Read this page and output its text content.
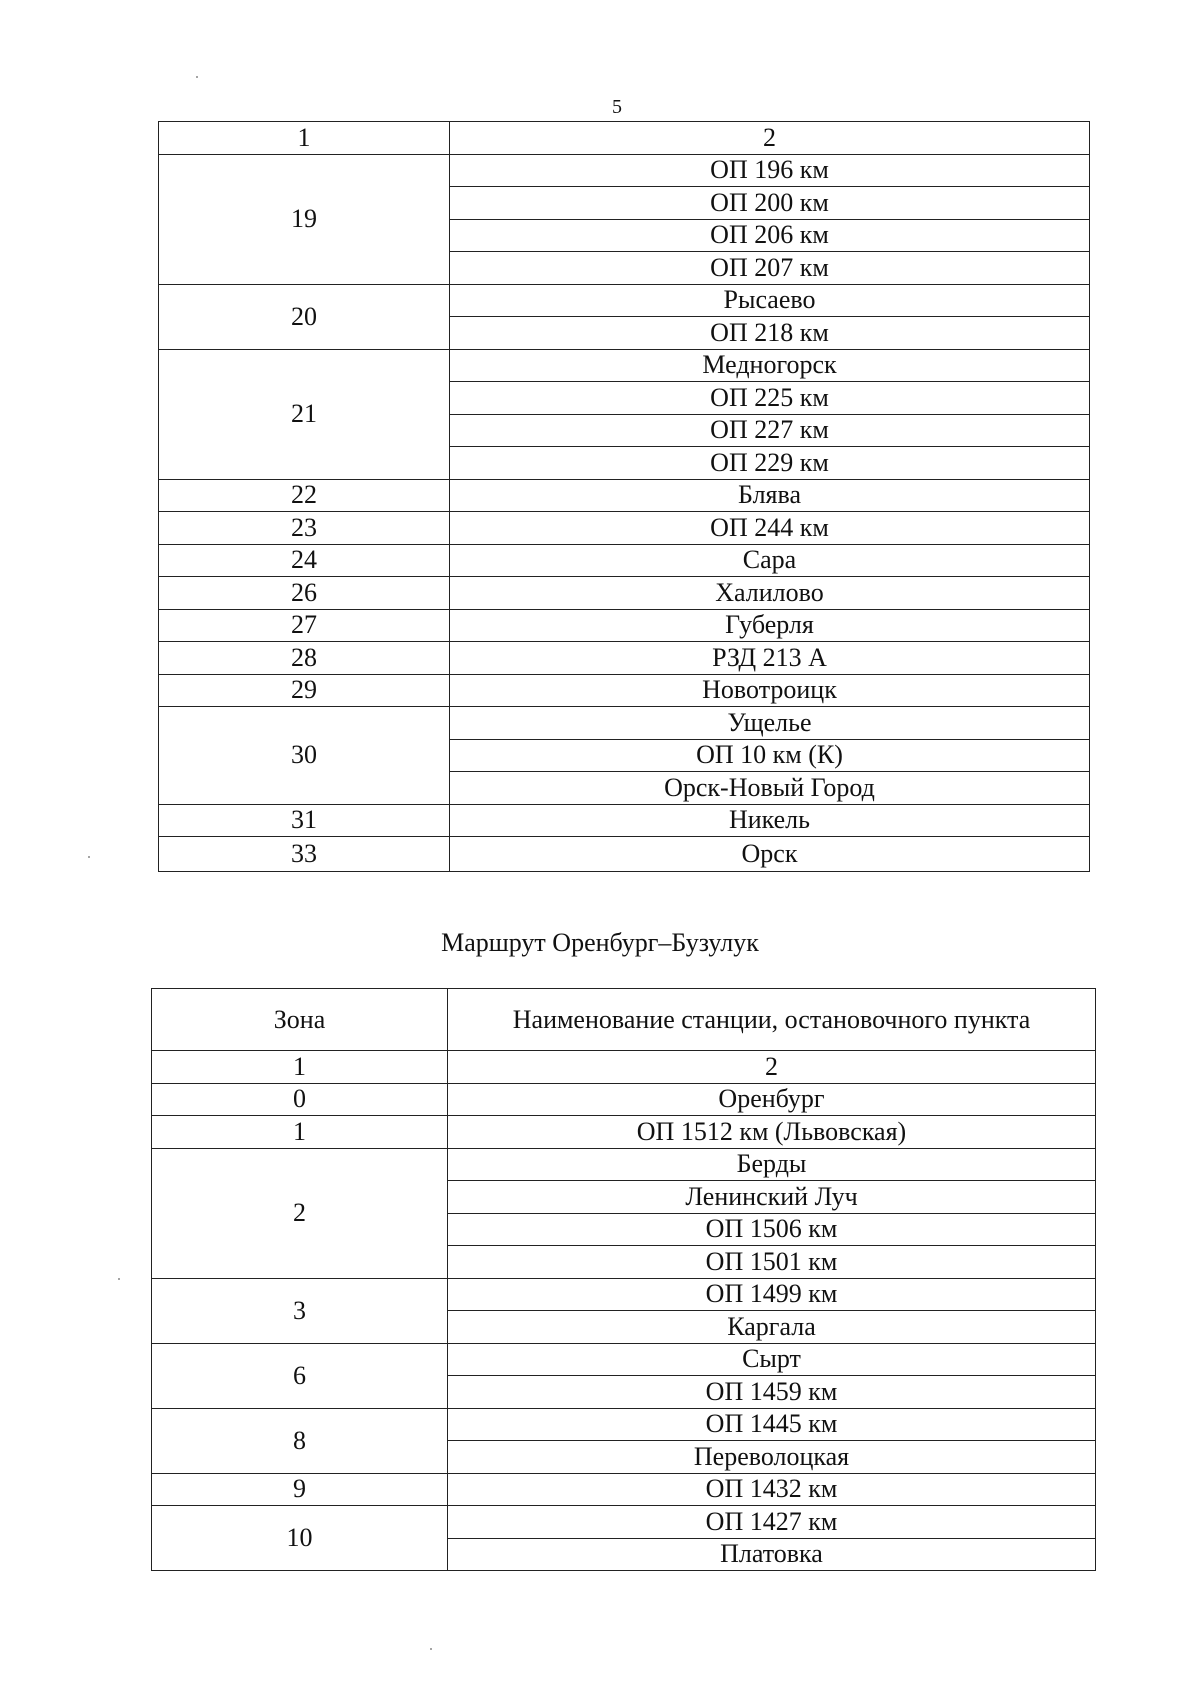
5
1	2
19	ОП 196 км
	ОП 200 км
	ОП 206 км
	ОП 207 км
20	Рысаево
	ОП 218 км
21	Медногорск
	ОП 225 км
	ОП 227 км
	ОП 229 км
22	Блява
23	ОП 244 км
24	Сара
26	Халилово
27	Губерля
28	РЗД 213 А
29	Новотроицк
30	Ущелье
	ОП 10 км (К)
	Орск-Новый Город
31	Никель
33	Орск
Маршрут Оренбург–Бузулук
Зона	Наименование станции, остановочного пункта
1	2
0	Оренбург
1	ОП 1512 км (Львовская)
2	Берды
	Ленинский Луч
	ОП 1506 км
	ОП 1501 км
3	ОП 1499 км
	Каргала
6	Сырт
	ОП 1459 км
8	ОП 1445 км
	Переволоцкая
9	ОП 1432 км
10	ОП 1427 км
	Платовка
